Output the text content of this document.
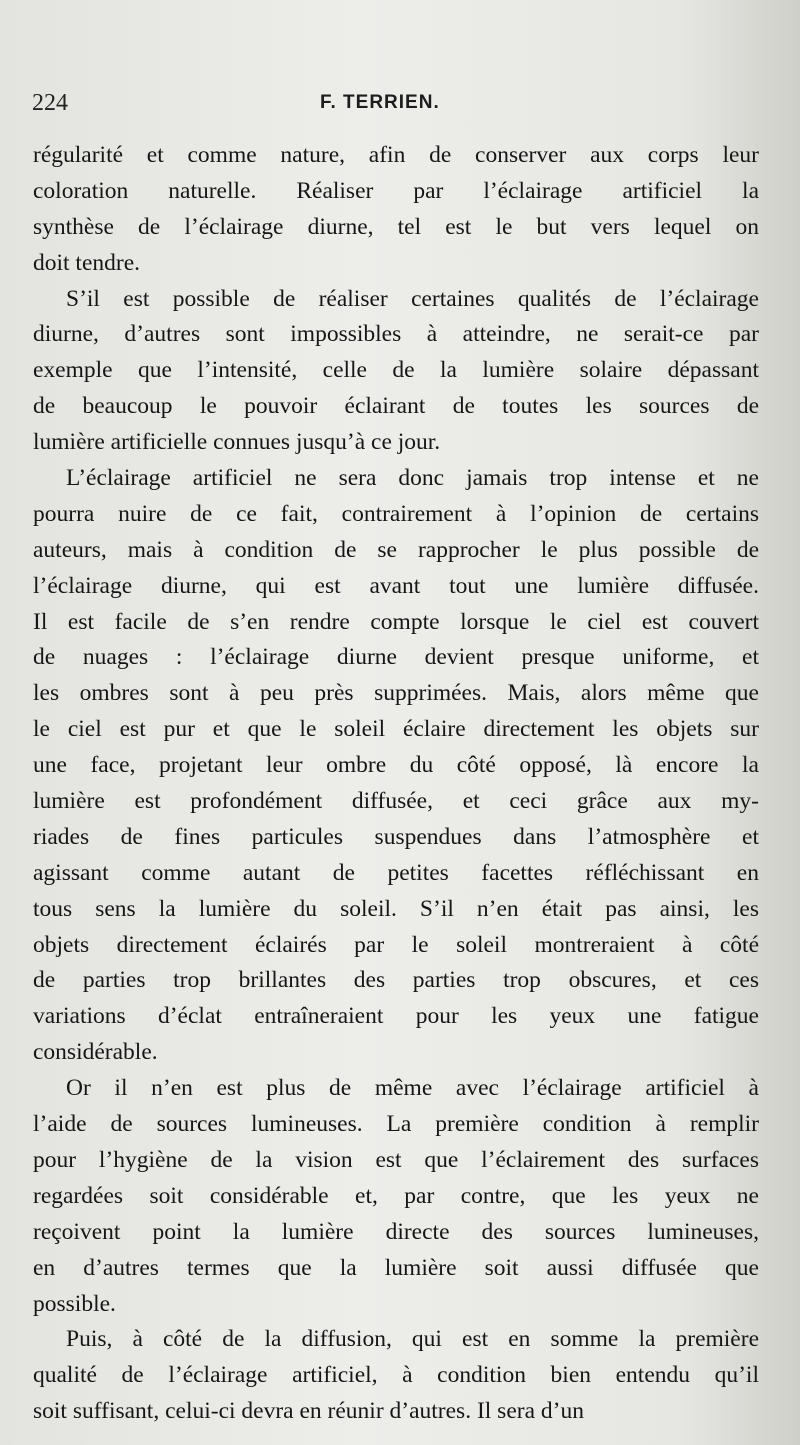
224	F. TERRIEN.
régularité et comme nature, afin de conserver aux corps leur
coloration naturelle. Réaliser par l’éclairage artificiel la
synthèse de l’éclairage diurne, tel est le but vers lequel on
doit tendre.
S’il est possible de réaliser certaines qualités de l’éclairage
diurne, d’autres sont impossibles à atteindre, ne serait-ce par
exemple que l’intensité, celle de la lumière solaire dépassant
de beaucoup le pouvoir éclairant de toutes les sources de
lumière artificielle connues jusqu’à ce jour.
L’éclairage artificiel ne sera donc jamais trop intense et ne
pourra nuire de ce fait, contrairement à l’opinion de certains
auteurs, mais à condition de se rapprocher le plus possible de
l’éclairage diurne, qui est avant tout une lumière diffusée.
Il est facile de s’en rendre compte lorsque le ciel est couvert
de nuages : l’éclairage diurne devient presque uniforme, et
les ombres sont à peu près supprimées. Mais, alors même que
le ciel est pur et que le soleil éclaire directement les objets sur
une face, projetant leur ombre du côté opposé, là encore la
lumière est profondément diffusée, et ceci grâce aux my-
riades de fines particules suspendues dans l’atmosphère et
agissant comme autant de petites facettes réfléchissant en
tous sens la lumière du soleil. S’il n’en était pas ainsi, les
objets directement éclairés par le soleil montreraient à côté
de parties trop brillantes des parties trop obscures, et ces
variations d’éclat entraîneraient pour les yeux une fatigue
considérable.
Or il n’en est plus de même avec l’éclairage artificiel à
l’aide de sources lumineuses. La première condition à remplir
pour l’hygiène de la vision est que l’éclairement des surfaces
regardées soit considérable et, par contre, que les yeux ne
reçoivent point la lumière directe des sources lumineuses,
en d’autres termes que la lumière soit aussi diffusée que
possible.
Puis, à côté de la diffusion, qui est en somme la première
qualité de l’éclairage artificiel, à condition bien entendu qu’il
soit suffisant, celui-ci devra en réunir d’autres. Il sera d’un
